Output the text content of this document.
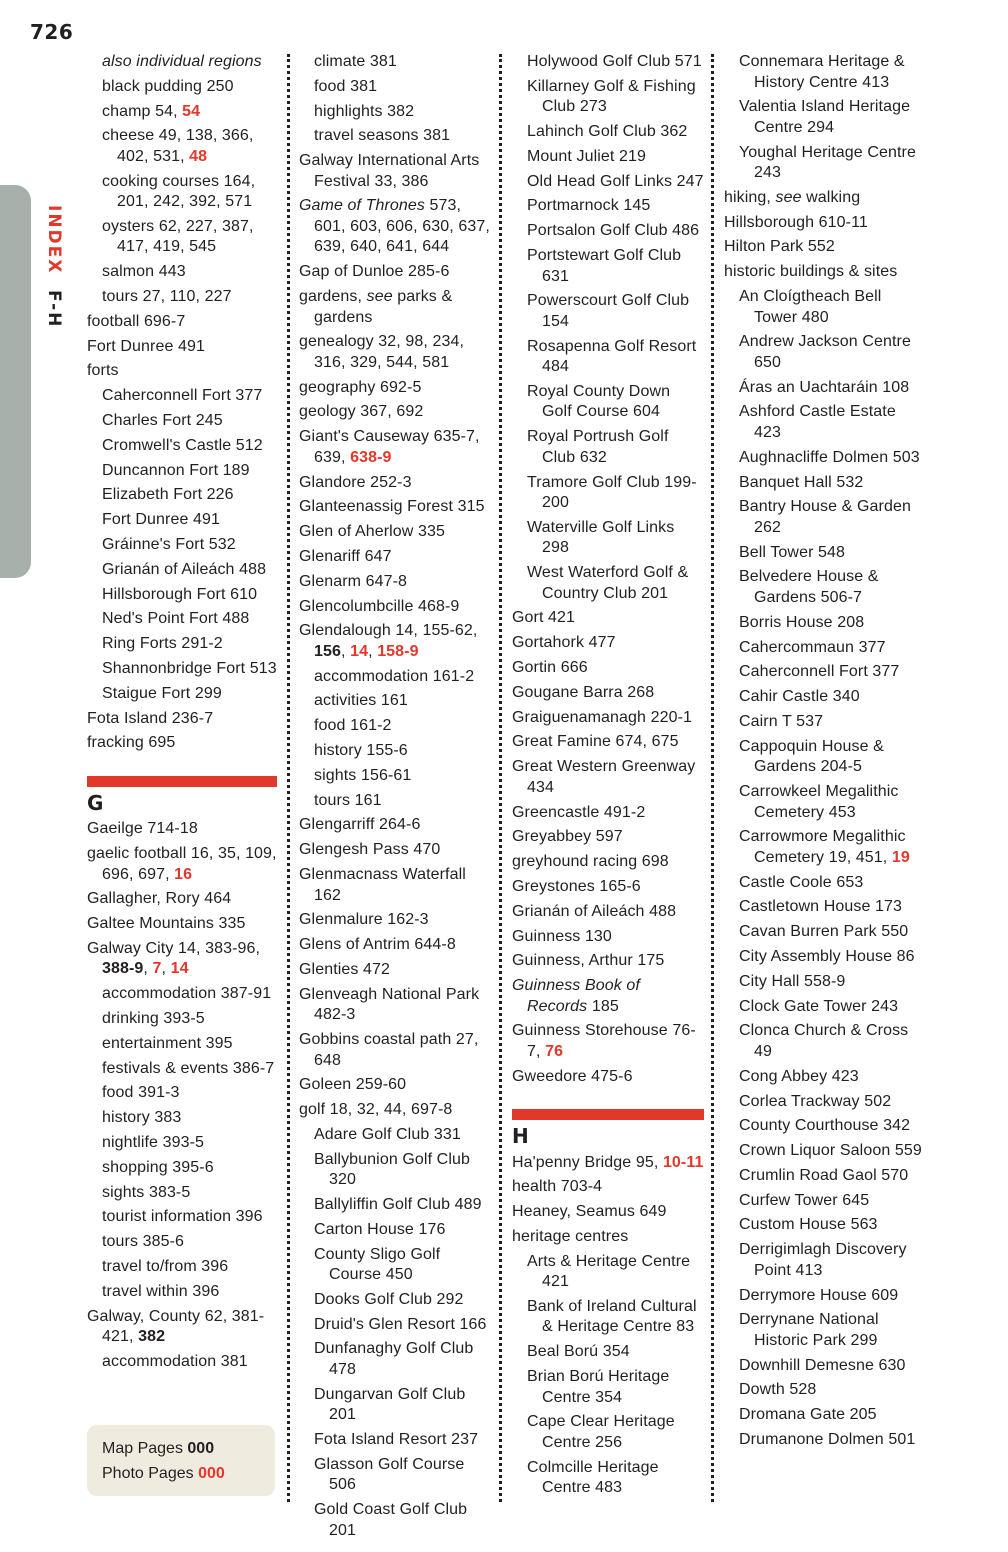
726
INDEX F-H
also individual regions
black pudding 250
champ 54, 54
cheese 49, 138, 366, 402, 531, 48
cooking courses 164, 201, 242, 392, 571
oysters 62, 227, 387, 417, 419, 545
salmon 443
tours 27, 110, 227
football 696-7
Fort Dunree 491
forts
Caherconnell Fort 377
Charles Fort 245
Cromwell's Castle 512
Duncannon Fort 189
Elizabeth Fort 226
Fort Dunree 491
Gráinne's Fort 532
Grianán of Aileách 488
Hillsborough Fort 610
Ned's Point Fort 488
Ring Forts 291-2
Shannonbridge Fort 513
Staigue Fort 299
Fota Island 236-7
fracking 695
G
Gaeilge 714-18
gaelic football 16, 35, 109, 696, 697, 16
Gallagher, Rory 464
Galtee Mountains 335
Galway City 14, 383-96, 388-9, 7, 14
accommodation 387-91
drinking 393-5
entertainment 395
festivals & events 386-7
food 391-3
history 383
nightlife 393-5
shopping 395-6
sights 383-5
tourist information 396
tours 385-6
travel to/from 396
travel within 396
Galway, County 62, 381-421, 382
accommodation 381
climate 381
food 381
highlights 382
travel seasons 381
Galway International Arts Festival 33, 386
Game of Thrones 573, 601, 603, 606, 630, 637, 639, 640, 641, 644
Gap of Dunloe 285-6
gardens, see parks & gardens
genealogy 32, 98, 234, 316, 329, 544, 581
geography 692-5
geology 367, 692
Giant's Causeway 635-7, 639, 638-9
Glandore 252-3
Glanteenassig Forest 315
Glen of Aherlow 335
Glenariff 647
Glenarm 647-8
Glencolumbcille 468-9
Glendalough 14, 155-62, 156, 14, 158-9
accommodation 161-2
activities 161
food 161-2
history 155-6
sights 156-61
tours 161
Glengarriff 264-6
Glengesh Pass 470
Glenmacnass Waterfall 162
Glenmalure 162-3
Glens of Antrim 644-8
Glenties 472
Glenveagh National Park 482-3
Gobbins coastal path 27, 648
Goleen 259-60
golf 18, 32, 44, 697-8
Adare Golf Club 331
Ballybunion Golf Club 320
Ballyliffin Golf Club 489
Carton House 176
County Sligo Golf Course 450
Dooks Golf Club 292
Druid's Glen Resort 166
Dunfanaghy Golf Club 478
Dungarvan Golf Club 201
Fota Island Resort 237
Glasson Golf Course 506
Gold Coast Golf Club 201
Holywood Golf Club 571
Killarney Golf & Fishing Club 273
Lahinch Golf Club 362
Mount Juliet 219
Old Head Golf Links 247
Portmarnock 145
Portsalon Golf Club 486
Portstewart Golf Club 631
Powerscourt Golf Club 154
Rosapenna Golf Resort 484
Royal County Down Golf Course 604
Royal Portrush Golf Club 632
Tramore Golf Club 199-200
Waterville Golf Links 298
West Waterford Golf & Country Club 201
Gort 421
Gortahork 477
Gortin 666
Gougane Barra 268
Graiguenamanagh 220-1
Great Famine 674, 675
Great Western Greenway 434
Greencastle 491-2
Greyabbey 597
greyhound racing 698
Greystones 165-6
Grianán of Aileách 488
Guinness 130
Guinness, Arthur 175
Guinness Book of Records 185
Guinness Storehouse 76-7, 76
Gweedore 475-6
H
Ha'penny Bridge 95, 10-11
health 703-4
Heaney, Seamus 649
heritage centres
Arts & Heritage Centre 421
Bank of Ireland Cultural & Heritage Centre 83
Beal Ború 354
Brian Ború Heritage Centre 354
Cape Clear Heritage Centre 256
Colmcille Heritage Centre 483
Connemara Heritage & History Centre 413
Valentia Island Heritage Centre 294
Youghal Heritage Centre 243
hiking, see walking
Hillsborough 610-11
Hilton Park 552
historic buildings & sites
An Cloígtheach Bell Tower 480
Andrew Jackson Centre 650
Áras an Uachtaráin 108
Ashford Castle Estate 423
Aughnacliffe Dolmen 503
Banquet Hall 532
Bantry House & Garden 262
Bell Tower 548
Belvedere House & Gardens 506-7
Borris House 208
Cahercommaun 377
Caherconnell Fort 377
Cahir Castle 340
Cairn T 537
Cappoquin House & Gardens 204-5
Carrowkeel Megalithic Cemetery 453
Carrowmore Megalithic Cemetery 19, 451, 19
Castle Coole 653
Castletown House 173
Cavan Burren Park 550
City Assembly House 86
City Hall 558-9
Clock Gate Tower 243
Clonca Church & Cross 49
Cong Abbey 423
Corlea Trackway 502
County Courthouse 342
Crown Liquor Saloon 559
Crumlin Road Gaol 570
Curfew Tower 645
Custom House 563
Derrigimlagh Discovery Point 413
Derrymore House 609
Derrynane National Historic Park 299
Downhill Demesne 630
Dowth 528
Dromana Gate 205
Drumanone Dolmen 501
Map Pages 000
Photo Pages 000
